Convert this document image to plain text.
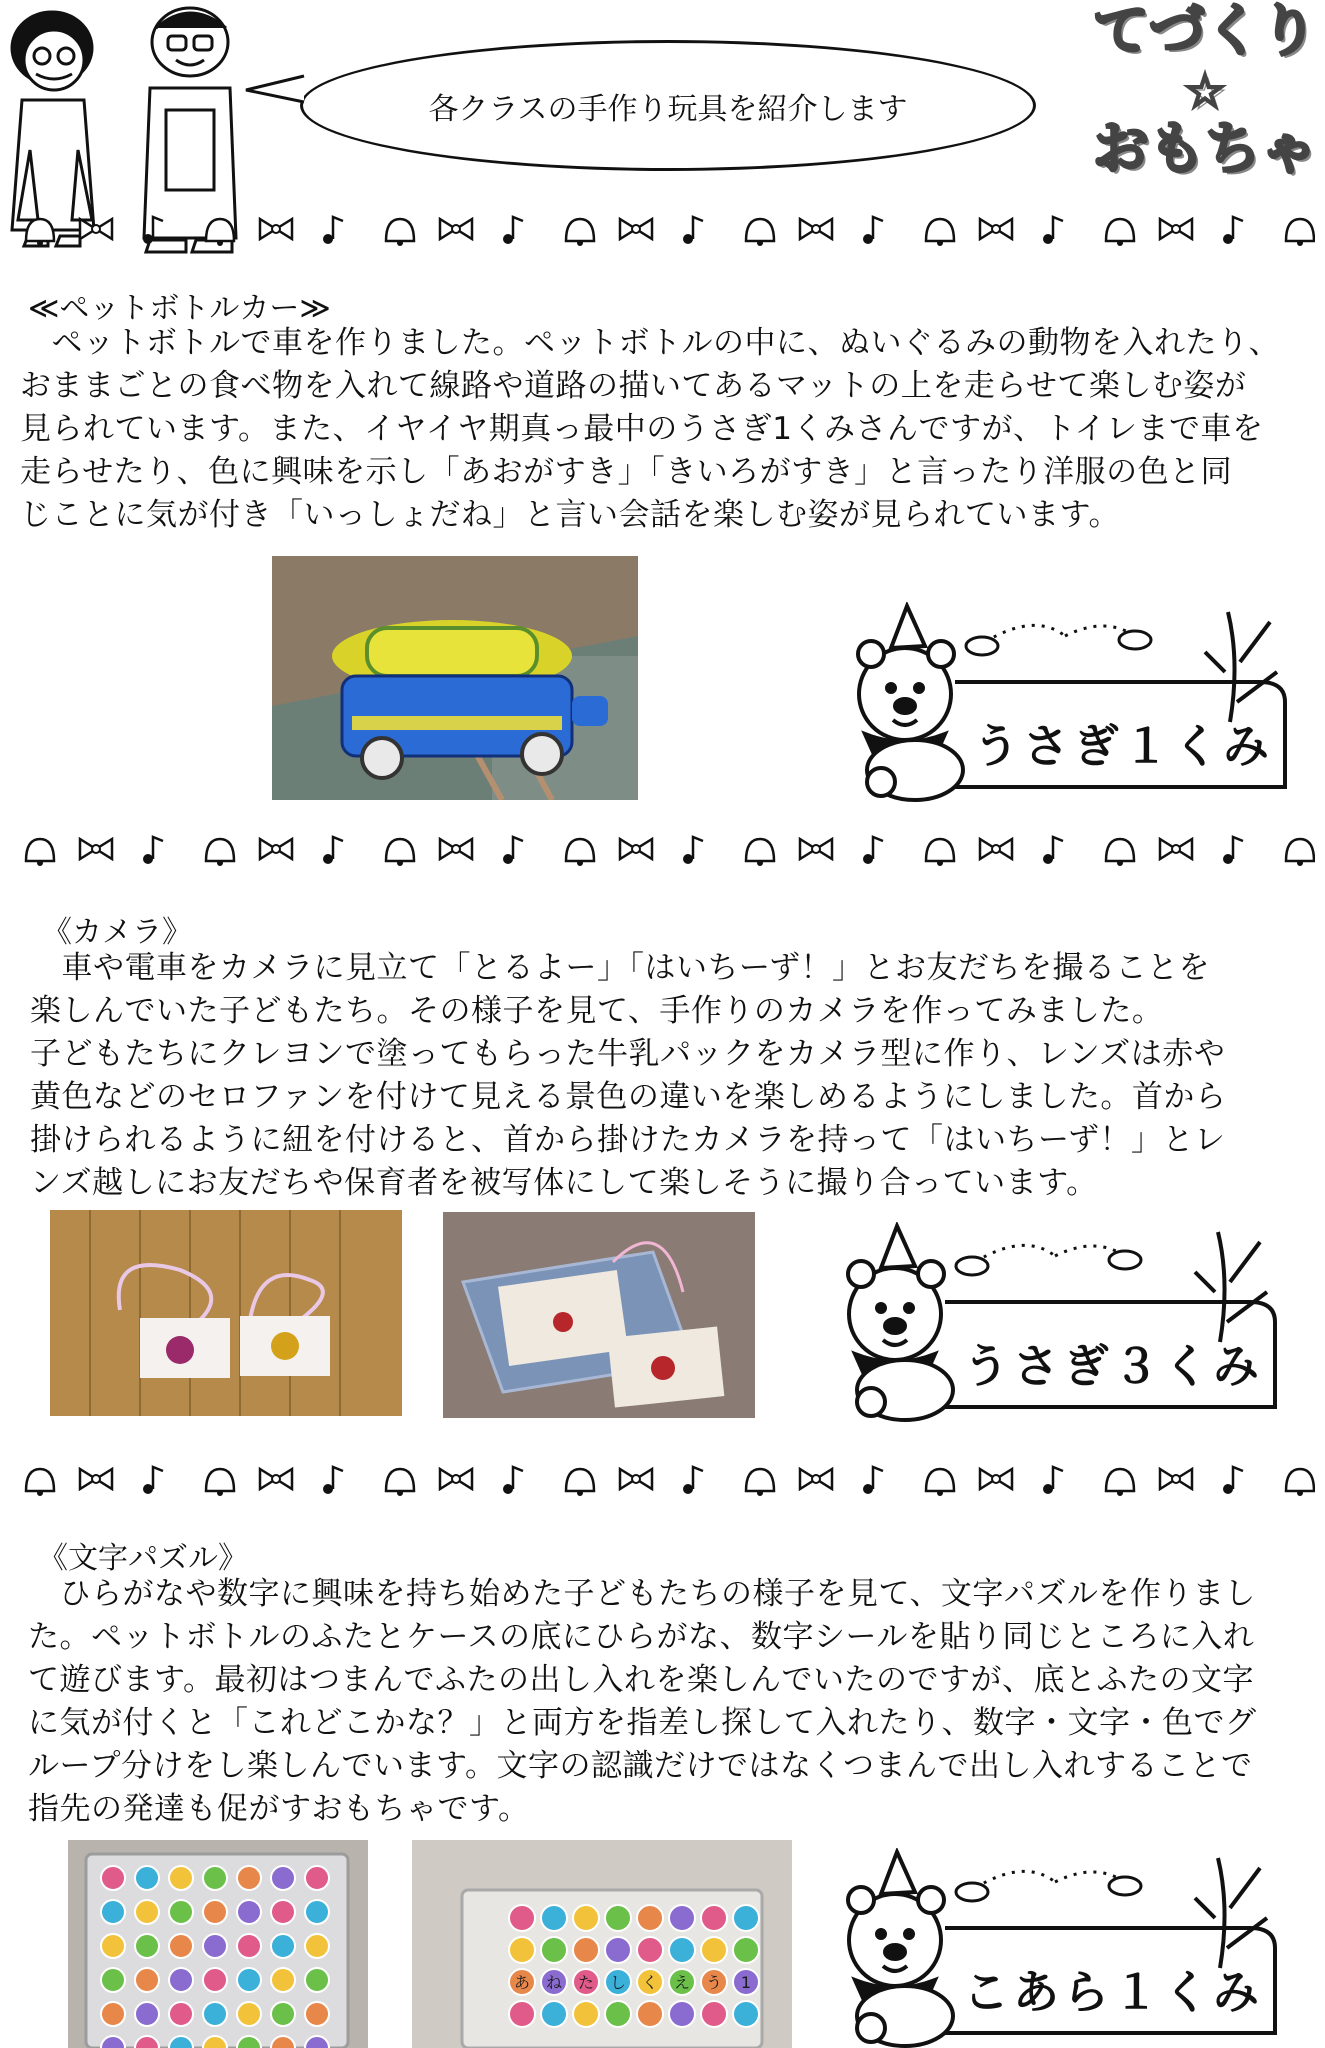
各クラスの手作り玩具を紹介します
てづくり
☆
おもちゃ
≪ペットボトルカー≫
　ペットボトルで車を作りました。ペットボトルの中に、ぬいぐるみの動物を入れたり、
おままごとの食べ物を入れて線路や道路の描いてあるマットの上を走らせて楽しむ姿が
見られています。また、イヤイヤ期真っ最中のうさぎ1くみさんですが、トイレまで車を
走らせたり、色に興味を示し「あおがすき」「きいろがすき」と言ったり洋服の色と同
じことに気が付き「いっしょだね」と言い会話を楽しむ姿が見られています。
うさぎ１くみ
《カメラ》
　車や電車をカメラに見立て「とるよー」「はいちーず！」とお友だちを撮ることを
楽しんでいた子どもたち。その様子を見て、手作りのカメラを作ってみました。
子どもたちにクレヨンで塗ってもらった牛乳パックをカメラ型に作り、レンズは赤や
黄色などのセロファンを付けて見える景色の違いを楽しめるようにしました。首から
掛けられるように紐を付けると、首から掛けたカメラを持って「はいちーず！」とレ
ンズ越しにお友だちや保育者を被写体にして楽しそうに撮り合っています。
うさぎ３くみ
《文字パズル》
　ひらがなや数字に興味を持ち始めた子どもたちの様子を見て、文字パズルを作りまし
た。ペットボトルのふたとケースの底にひらがな、数字シールを貼り同じところに入れ
て遊びます。最初はつまんでふたの出し入れを楽しんでいたのですが、底とふたの文字
に気が付くと「これどこかな？」と両方を指差し探して入れたり、数字・文字・色でグ
ループ分けをし楽しんでいます。文字の認識だけではなくつまんで出し入れすることで
指先の発達も促がすおもちゃです。
あ ね た し く え う 1	こあら１くみ
